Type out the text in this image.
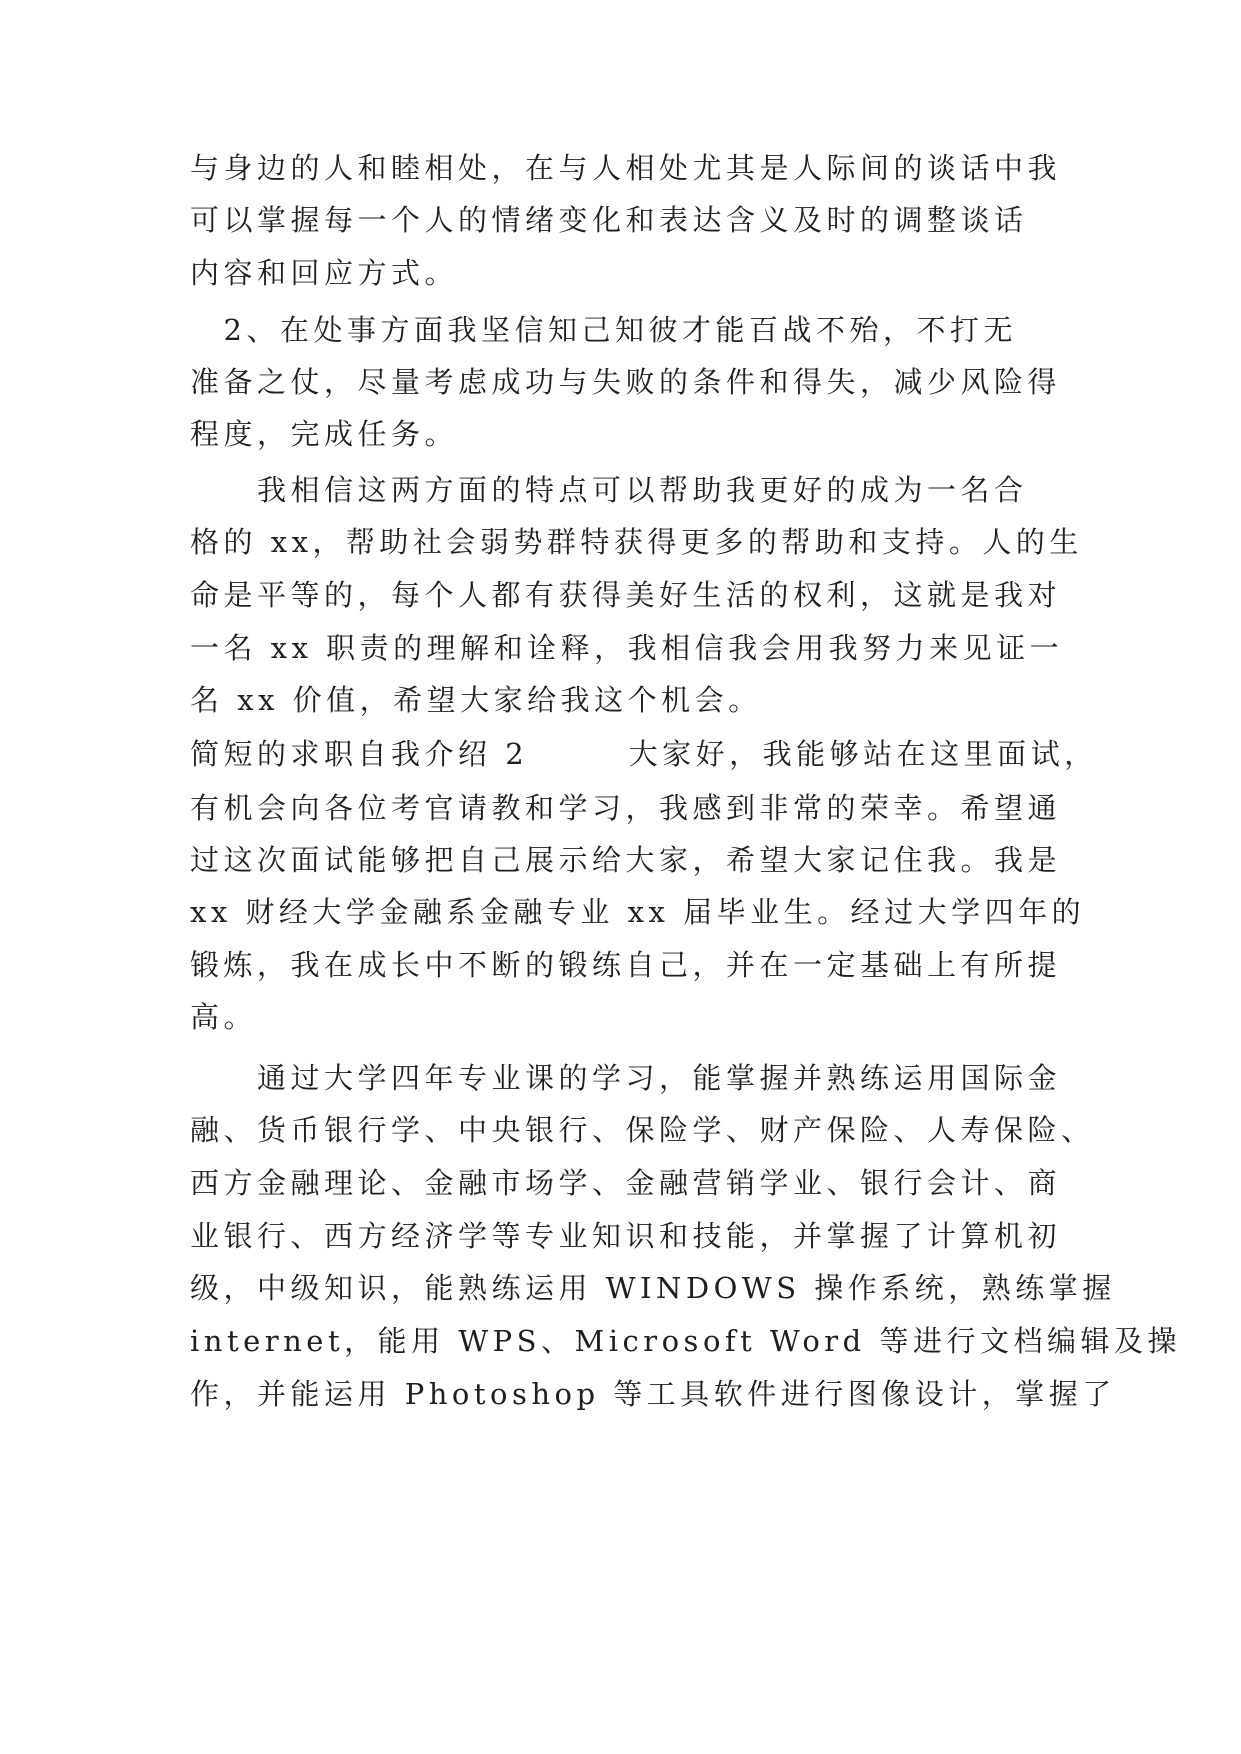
与身边的人和睦相处，在与人相处尤其是人际间的谈话中我
可以掌握每一个人的情绪变化和表达含义及时的调整谈话
内容和回应方式。
　2、在处事方面我坚信知己知彼才能百战不殆，不打无
准备之仗，尽量考虑成功与失败的条件和得失，减少风险得
程度，完成任务。
　　我相信这两方面的特点可以帮助我更好的成为一名合
格的 xx，帮助社会弱势群特获得更多的帮助和支持。人的生
命是平等的，每个人都有获得美好生活的权利，这就是我对
一名 xx 职责的理解和诠释，我相信我会用我努力来见证一
名 xx 价值，希望大家给我这个机会。
简短的求职自我介绍 2　　　大家好，我能够站在这里面试，
有机会向各位考官请教和学习，我感到非常的荣幸。希望通
过这次面试能够把自己展示给大家，希望大家记住我。我是
xx 财经大学金融系金融专业 xx 届毕业生。经过大学四年的
锻炼，我在成长中不断的锻练自己，并在一定基础上有所提
高。
　　通过大学四年专业课的学习，能掌握并熟练运用国际金
融、货币银行学、中央银行、保险学、财产保险、人寿保险、
西方金融理论、金融市场学、金融营销学业、银行会计、商
业银行、西方经济学等专业知识和技能，并掌握了计算机初
级，中级知识，能熟练运用 WINDOWS 操作系统，熟练掌握
internet，能用 WPS、Microsoft Word 等进行文档编辑及操
作，并能运用 Photoshop 等工具软件进行图像设计，掌握了
